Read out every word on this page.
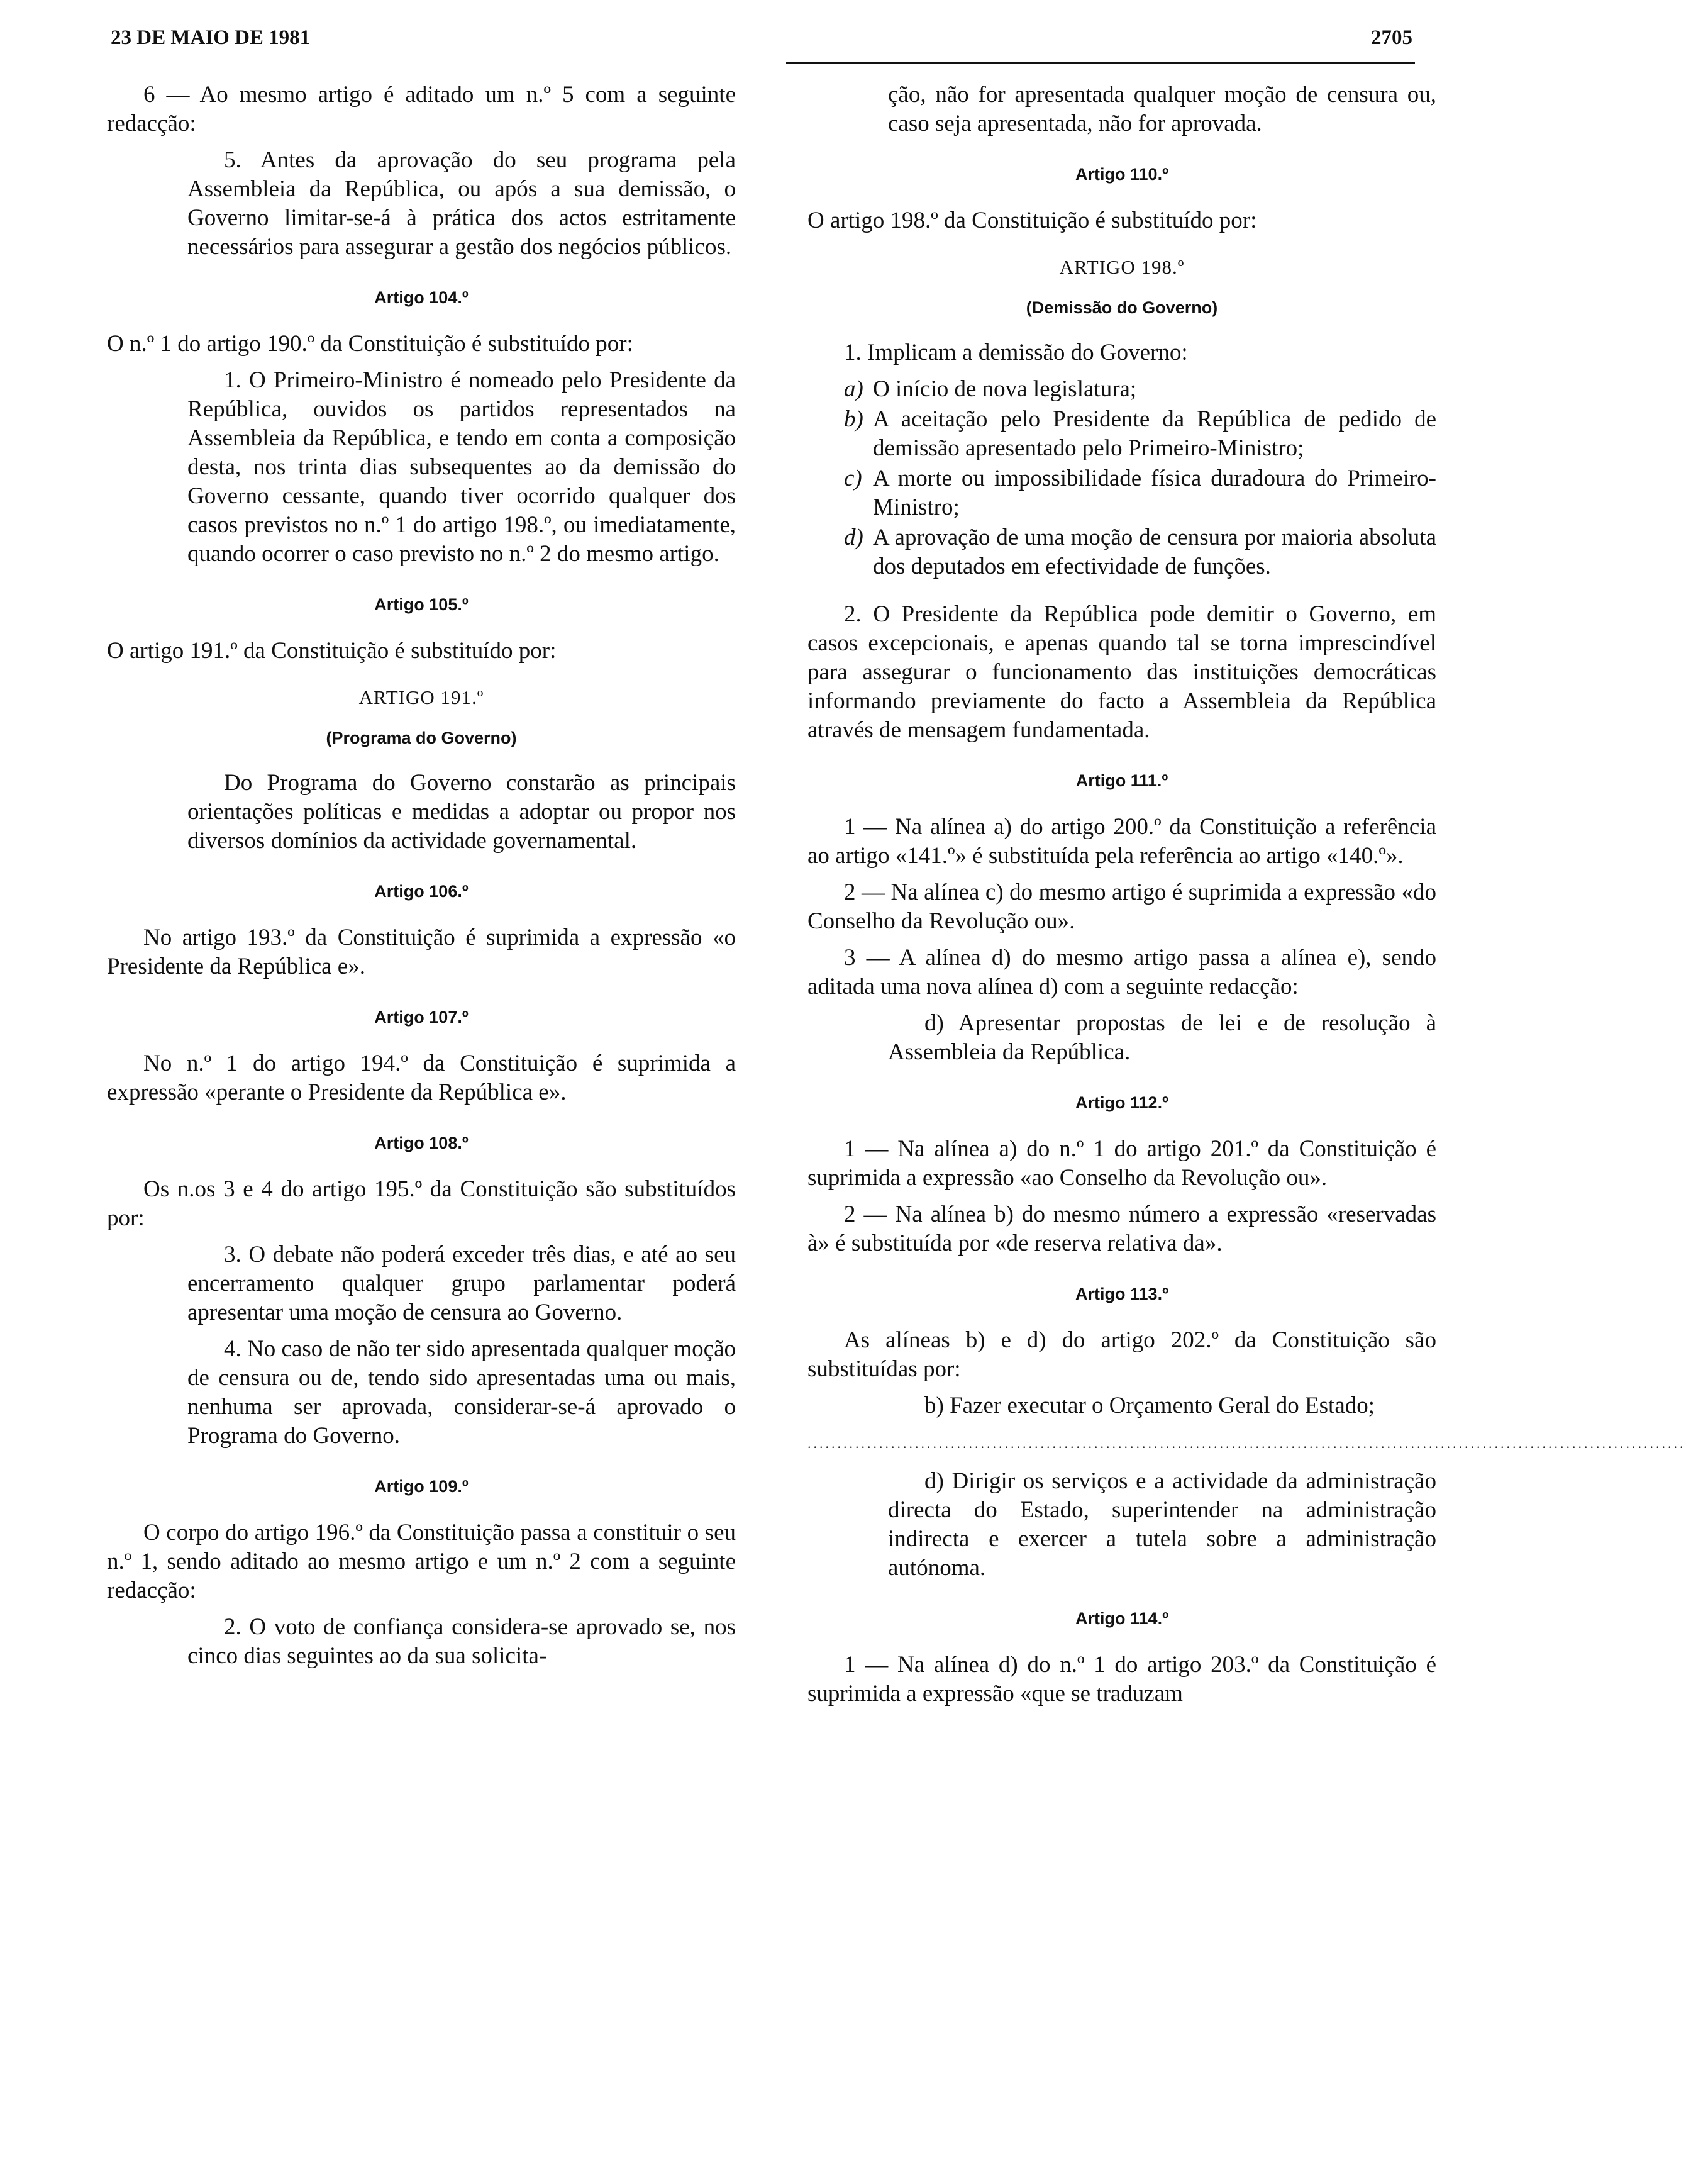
23 DE MAIO DE 1981	2705

6 — Ao mesmo artigo é aditado um n.º 5 com a seguinte redacção:

5. Antes da aprovação do seu programa pela Assembleia da República, ou após a sua demissão, o Governo limitar-se-á à prática dos actos estritamente necessários para assegurar a gestão dos negócios públicos.

Artigo 104.º

O n.º 1 do artigo 190.º da Constituição é substituído por:

1. O Primeiro-Ministro é nomeado pelo Presidente da República, ouvidos os partidos representados na Assembleia da República, e tendo em conta a composição desta, nos trinta dias subsequentes ao da demissão do Governo cessante, quando tiver ocorrido qualquer dos casos previstos no n.º 1 do artigo 198.º, ou imediatamente, quando ocorrer o caso previsto no n.º 2 do mesmo artigo.

Artigo 105.º

O artigo 191.º da Constituição é substituído por:

ARTIGO 191.º
(Programa do Governo)

Do Programa do Governo constarão as principais orientações políticas e medidas a adoptar ou propor nos diversos domínios da actividade governamental.

Artigo 106.º

No artigo 193.º da Constituição é suprimida a expressão «o Presidente da República e».

Artigo 107.º

No n.º 1 do artigo 194.º da Constituição é suprimida a expressão «perante o Presidente da República e».

Artigo 108.º

Os n.os 3 e 4 do artigo 195.º da Constituição são substituídos por:

3. O debate não poderá exceder três dias, e até ao seu encerramento qualquer grupo parlamentar poderá apresentar uma moção de censura ao Governo.

4. No caso de não ter sido apresentada qualquer moção de censura ou de, tendo sido apresentadas uma ou mais, nenhuma ser aprovada, considerar-se-á aprovado o Programa do Governo.

Artigo 109.º

O corpo do artigo 196.º da Constituição passa a constituir o seu n.º 1, sendo aditado ao mesmo artigo e um n.º 2 com a seguinte redacção:

2. O voto de confiança considera-se aprovado se, nos cinco dias seguintes ao da sua solicita-

ção, não for apresentada qualquer moção de censura ou, caso seja apresentada, não for aprovada.

Artigo 110.º

O artigo 198.º da Constituição é substituído por:

ARTIGO 198.º
(Demissão do Governo)

1. Implicam a demissão do Governo:

a) O início de nova legislatura;
b) A aceitação pelo Presidente da República de pedido de demissão apresentado pelo Primeiro-Ministro;
c) A morte ou impossibilidade física duradoura do Primeiro-Ministro;
d) A aprovação de uma moção de censura por maioria absoluta dos deputados em efectividade de funções.

2. O Presidente da República pode demitir o Governo, em casos excepcionais, e apenas quando tal se torna imprescindível para assegurar o funcionamento das instituições democráticas informando previamente do facto a Assembleia da República através de mensagem fundamentada.

Artigo 111.º

1 — Na alínea a) do artigo 200.º da Constituição a referência ao artigo «141.º» é substituída pela referência ao artigo «140.º».

2 — Na alínea c) do mesmo artigo é suprimida a expressão «do Conselho da Revolução ou».

3 — A alínea d) do mesmo artigo passa a alínea e), sendo aditada uma nova alínea d) com a seguinte redacção:

d) Apresentar propostas de lei e de resolução à Assembleia da República.

Artigo 112.º

1 — Na alínea a) do n.º 1 do artigo 201.º da Constituição é suprimida a expressão «ao Conselho da Revolução ou».

2 — Na alínea b) do mesmo número a expressão «reservadas à» é substituída por «de reserva relativa da».

Artigo 113.º

As alíneas b) e d) do artigo 202.º da Constituição são substituídas por:

b) Fazer executar o Orçamento Geral do Estado;

...................................................................................................................................................

d) Dirigir os serviços e a actividade da administração directa do Estado, superintender na administração indirecta e exercer a tutela sobre a administração autónoma.

Artigo 114.º

1 — Na alínea d) do n.º 1 do artigo 203.º da Constituição é suprimida a expressão «que se traduzam
